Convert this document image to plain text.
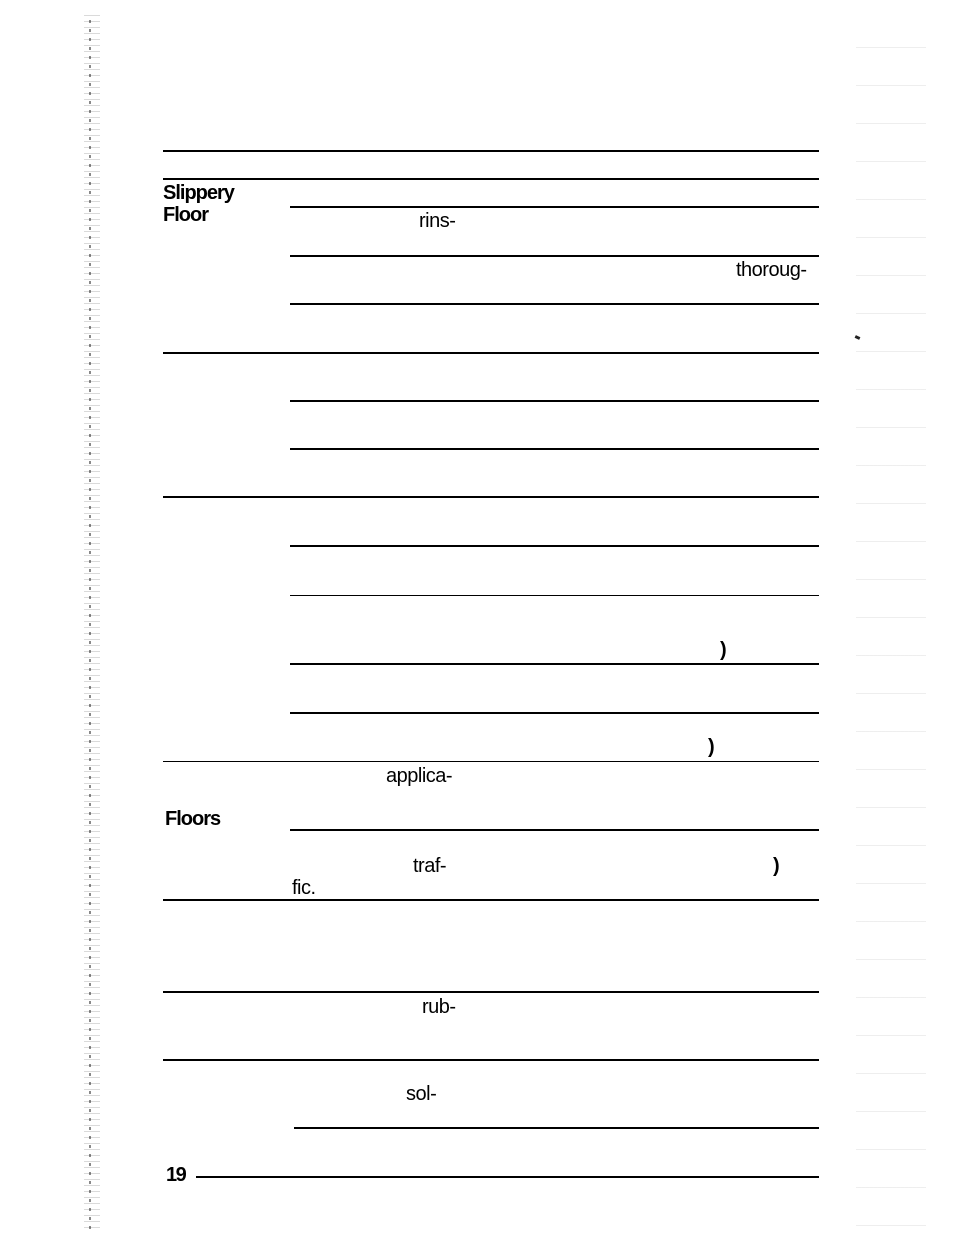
Slippery
Floor	rins-
thoroug-
)
)
applica-
Floors
traf-	)
fic.
rub-
sol-
19
